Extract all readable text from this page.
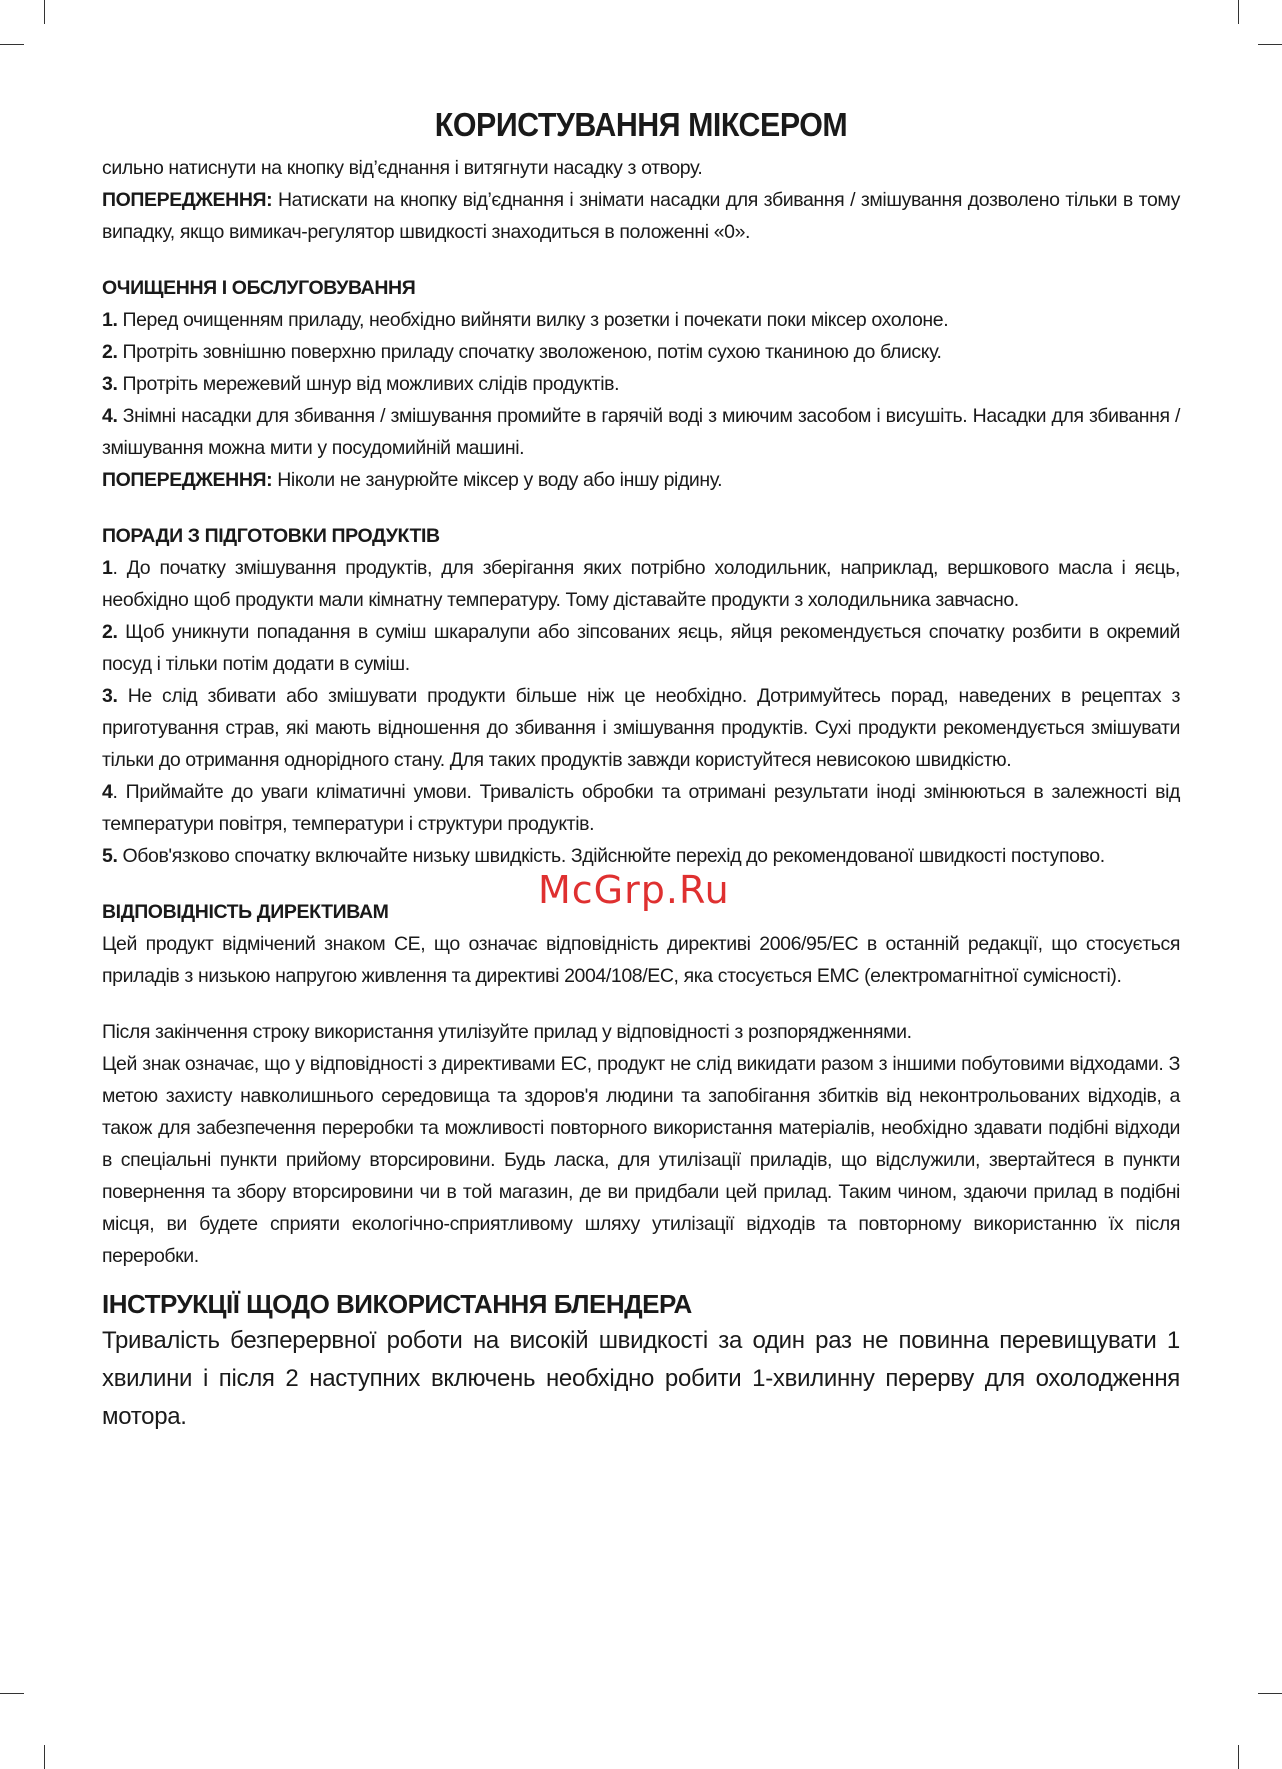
КОРИСТУВАННЯ МІКСЕРОМ

сильно натиснути на кнопку від’єднання і витягнути насадку з отвору.

ПОПЕРЕДЖЕННЯ: Натискати на кнопку від’єднання і знімати насадки для збивання / змішування дозволено тільки в тому випадку, якщо вимикач-регулятор швидкості знаходиться в положенні «0».

ОЧИЩЕННЯ І ОБСЛУГОВУВАННЯ

1. Перед очищенням приладу, необхідно вийняти вилку з розетки і почекати поки міксер охолоне.

2. Протріть зовнішню поверхню приладу спочатку зволоженою, потім сухою тканиною до блиску.

3. Протріть мережевий шнур від можливих слідів продуктів.

4. Знімні насадки для збивання / змішування промийте в гарячій воді з миючим засобом і висушіть. Насадки для збивання / змішування можна мити у посудомийній машині.

ПОПЕРЕДЖЕННЯ: Ніколи не занурюйте міксер у воду або іншу рідину.

ПОРАДИ З ПІДГОТОВКИ ПРОДУКТІВ

1. До початку змішування продуктів, для зберігання яких потрібно холодильник, наприклад, вершкового масла і яєць, необхідно щоб продукти мали кімнатну температуру. Тому діставайте продукти з холодильника завчасно.

2. Щоб уникнути попадання в суміш шкаралупи або зіпсованих яєць, яйця рекомендується спочатку розбити в окремий посуд і тільки потім додати в суміш.

3. Не слід збивати або змішувати продукти більше ніж це необхідно. Дотримуйтесь порад, наведених в рецептах з приготування страв, які мають відношення до збивання і змішування продуктів. Сухі продукти рекомендується змішувати тільки до отримання однорідного стану. Для таких продуктів завжди користуйтеся невисокою швидкістю.

4. Приймайте до уваги кліматичні умови. Тривалість обробки та отримані результати іноді змінюються в залежності від температури повітря, температури і структури продуктів.

5. Обов'язково спочатку включайте низьку швидкість. Здійснюйте перехід до рекомендованої швидкості поступово.

ВІДПОВІДНІСТЬ ДИРЕКТИВАМ

Цей продукт відмічений знаком СЕ, що означає відповідність директиві 2006/95/ЕС в останній редакції, що стосується приладів з низькою напругою живлення та директиві 2004/108/ЕС, яка стосується ЕМС (електромагнітної сумісності).

Після закінчення строку використання утилізуйте прилад у відповідності з розпорядженнями.

Цей знак означає, що у відповідності з директивами ЕС, продукт не слід викидати разом з іншими побутовими відходами. З метою захисту навколишнього середовища та здоров'я людини та запобігання збитків від неконтрольованих відходів, а також для забезпечення переробки та можливості повторного використання матеріалів, необхідно здавати подібні відходи в спеціальні пункти прийому вторсировини. Будь ласка, для утилізації приладів, що відслужили, звертайтеся в пункти повернення та збору вторсировини чи в той магазин, де ви придбали цей прилад. Таким чином, здаючи прилад в подібні місця, ви будете сприяти екологічно-сприятливому шляху утилізації відходів та повторному використанню їх після переробки.

ІНСТРУКЦІЇ ЩОДО ВИКОРИСТАННЯ БЛЕНДЕРА

Тривалість безперервної роботи на високій швидкості за один раз не повинна перевищувати 1 хвилини і після 2 наступних включень необхідно робити 1-хвилинну перерву для охолодження мотора.

McGrp.Ru
